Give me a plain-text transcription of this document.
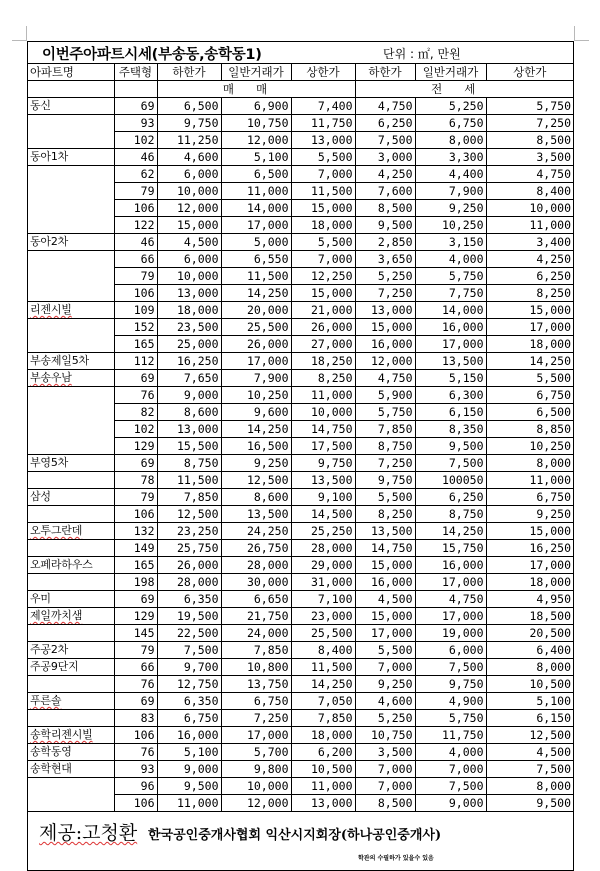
이번주아파트시세(부송동,송학동1)	단위 : ㎡, 만원
아파트명	주택형	하한가	일반거래가	상한가	하한가	일반거래가	상한가
		매매			전세		
동신	69	6,500	6,900	7,400	4,750	5,250	5,750
	93	9,750	10,750	11,750	6,250	6,750	7,250
	102	11,250	12,000	13,000	7,500	8,000	8,500
동아1차	46	4,600	5,100	5,500	3,000	3,300	3,500
	62	6,000	6,500	7,000	4,250	4,400	4,750
	79	10,000	11,000	11,500	7,600	7,900	8,400
	106	12,000	14,000	15,000	8,500	9,250	10,000
	122	15,000	17,000	18,000	9,500	10,250	11,000
동아2차	46	4,500	5,000	5,500	2,850	3,150	3,400
	66	6,000	6,550	7,000	3,650	4,000	4,250
	79	10,000	11,500	12,250	5,250	5,750	6,250
	106	13,000	14,250	15,000	7,250	7,750	8,250
리젠시빌	109	18,000	20,000	21,000	13,000	14,000	15,000
	152	23,500	25,500	26,000	15,000	16,000	17,000
	165	25,000	26,000	27,000	16,000	17,000	18,000
부송제일5차	112	16,250	17,000	18,250	12,000	13,500	14,250
부송우남	69	7,650	7,900	8,250	4,750	5,150	5,500
	76	9,000	10,250	11,000	5,900	6,300	6,750
	82	8,600	9,600	10,000	5,750	6,150	6,500
	102	13,000	14,250	14,750	7,850	8,350	8,850
	129	15,500	16,500	17,500	8,750	9,500	10,250
부영5차	69	8,750	9,250	9,750	7,250	7,500	8,000
	78	11,500	12,500	13,500	9,750	100050	11,000
삼성	79	7,850	8,600	9,100	5,500	6,250	6,750
	106	12,500	13,500	14,500	8,250	8,750	9,250
오투그란데	132	23,250	24,250	25,250	13,500	14,250	15,000
	149	25,750	26,750	28,000	14,750	15,750	16,250
오페라하우스	165	26,000	28,000	29,000	15,000	16,000	17,000
	198	28,000	30,000	31,000	16,000	17,000	18,000
우미	69	6,350	6,650	7,100	4,500	4,750	4,950
제일까치샘	129	19,500	21,750	23,000	15,000	17,000	18,500
	145	22,500	24,000	25,500	17,000	19,000	20,500
주공2차	79	7,500	7,850	8,400	5,500	6,000	6,400
주공9단지	66	9,700	10,800	11,500	7,000	7,500	8,000
	76	12,750	13,750	14,250	9,250	9,750	10,500
푸른솔	69	6,350	6,750	7,050	4,600	4,900	5,100
	83	6,750	7,250	7,850	5,250	5,750	6,150
송학리젠시빌	106	16,000	17,000	18,000	10,750	11,750	12,500
송학동영	76	5,100	5,700	6,200	3,500	4,000	4,500
송학현대	93	9,000	9,800	10,500	7,000	7,000	7,500
	96	9,500	10,000	11,000	7,000	7,500	8,000
	106	11,000	12,000	13,000	8,500	9,000	9,500
제공:고청환 한국공인중개사협회 익산시지회장(하나공인중개사)
학관의 수필하가 있을수 있음
